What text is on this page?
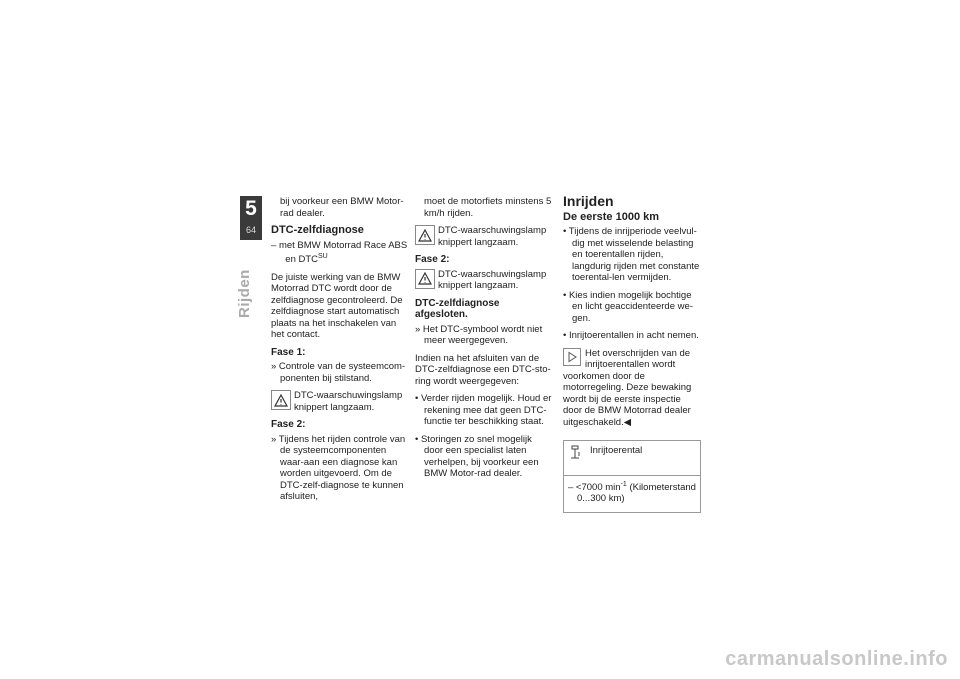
5
64
Rijden

bij voorkeur een BMW Motor-
rad dealer.

DTC-zelfdiagnose

– met BMW Motorrad Race ABS
en $DTC^{SU}$

De juiste werking van de BMW Motorrad DTC wordt door de zelfdiagnose gecontroleerd. De zelfdiagnose start automatisch plaats na het inschakelen van het contact.

Fase 1:

» Controle van de systeemcom-ponenten bij stilstand.

DTC-waarschuwingslamp knippert langzaam.
Fase 2:

» Tijdens het rijden controle van de systeemcomponenten waar-aan een diagnose kan worden uitgevoerd. Om de DTC-zelf-diagnose te kunnen afsluiten,

moet de motorfiets minstens 5 km/h rijden.

DTC-waarschuwingslamp knippert langzaam.
Fase 2:
DTC-waarschuwingslamp knippert langzaam.
DTC-zelfdiagnose afgesloten.

» Het DTC-symbool wordt niet meer weergegeven.

Indien na het afsluiten van de DTC-zelfdiagnose een DTC-sto-ring wordt weergegeven:

• Verder rijden mogelijk. Houd er rekening mee dat geen DTC-functie ter beschikking staat.

• Storingen zo snel mogelijk door een specialist laten verhelpen, bij voorkeur een BMW Motor-rad dealer.

Inrijden
De eerste 1000 km

• Tijdens de inrijperiode veelvul-dig met wisselende belasting en toerentallen rijden, langdurig rijden met constante toerental-len vermijden.

• Kies indien mogelijk bochtige en licht geaccidenteerde we-gen.

• Inrijtoerentallen in acht nemen.

Het overschrijden van de inrijtoerentallen wordt voorkomen door de motorregeling. Deze bewaking wordt bij de eerste inspectie door de BMW Motorrad dealer uitgeschakeld.◀
Inrijtoerental
– <7000 $\min^{-1}$ (Kilometerstand 0...300 km)
carmanualsonline.info
